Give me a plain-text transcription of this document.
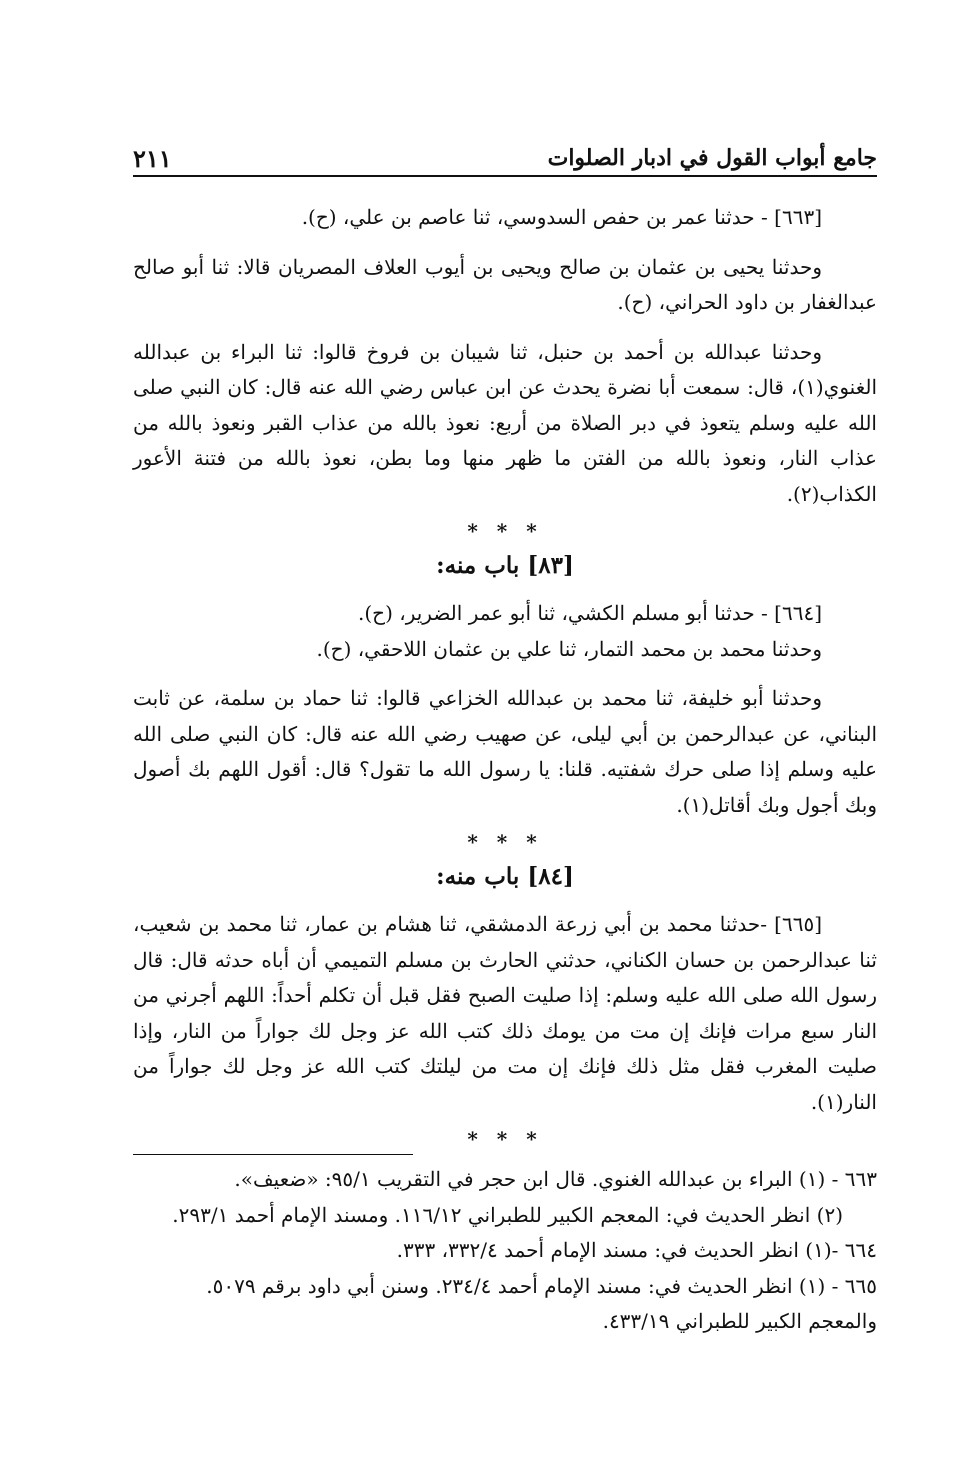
جامع أبواب القول في ادبار الصلوات
٢١١

[٦٦٣] - حدثنا عمر بن حفص السدوسي، ثنا عاصم بن علي، (ح).

وحدثنا يحيى بن عثمان بن صالح ويحيى بن أيوب العلاف المصريان قالا: ثنا أبو صالح عبدالغفار بن داود الحراني، (ح).

وحدثنا عبدالله بن أحمد بن حنبل، ثنا شيبان بن فروخ قالوا: ثنا البراء بن عبدالله الغنوي(١)، قال: سمعت أبا نضرة يحدث عن ابن عباس رضي الله عنه قال: كان النبي صلى الله عليه وسلم يتعوذ في دبر الصلاة من أربع: نعوذ بالله من عذاب القبر ونعوذ بالله من عذاب النار، ونعوذ بالله من الفتن ما ظهر منها وما بطن، نعوذ بالله من فتنة الأعور الكذاب(٢).

* * *
[٨٣] باب منه:

[٦٦٤] - حدثنا أبو مسلم الكشي، ثنا أبو عمر الضرير، (ح).

وحدثنا محمد بن محمد التمار، ثنا علي بن عثمان اللاحقي، (ح).

وحدثنا أبو خليفة، ثنا محمد بن عبدالله الخزاعي قالوا: ثنا حماد بن سلمة، عن ثابت البناني، عن عبدالرحمن بن أبي ليلى، عن صهيب رضي الله عنه قال: كان النبي صلى الله عليه وسلم إذا صلى حرك شفتيه. قلنا: يا رسول الله ما تقول؟ قال: أقول اللهم بك أصول وبك أجول وبك أقاتل(١).

* * *
[٨٤] باب منه:

[٦٦٥] -حدثنا محمد بن أبي زرعة الدمشقي، ثنا هشام بن عمار، ثنا محمد بن شعيب، ثنا عبدالرحمن بن حسان الكناني، حدثني الحارث بن مسلم التميمي أن أباه حدثه قال: قال رسول الله صلى الله عليه وسلم: إذا صليت الصبح فقل قبل أن تكلم أحداً: اللهم أجرني من النار سبع مرات فإنك إن مت من يومك ذلك كتب الله عز وجل لك جواراً من النار، وإذا صليت المغرب فقل مثل ذلك فإنك إن مت من ليلتك كتب الله عز وجل لك جواراً من النار(١).

* * *

٦٦٣ - (١) البراء بن عبدالله الغنوي. قال ابن حجر في التقريب ٩٥/١: «ضعيف».

(٢) انظر الحديث في: المعجم الكبير للطبراني ١١٦/١٢. ومسند الإمام أحمد ٢٩٣/١.

٦٦٤ -(١) انظر الحديث في: مسند الإمام أحمد ٣٣٢/٤، ٣٣٣.

٦٦٥ - (١) انظر الحديث في: مسند الإمام أحمد ٢٣٤/٤. وسنن أبي داود برقم ٥٠٧٩. والمعجم الكبير للطبراني ٤٣٣/١٩.
